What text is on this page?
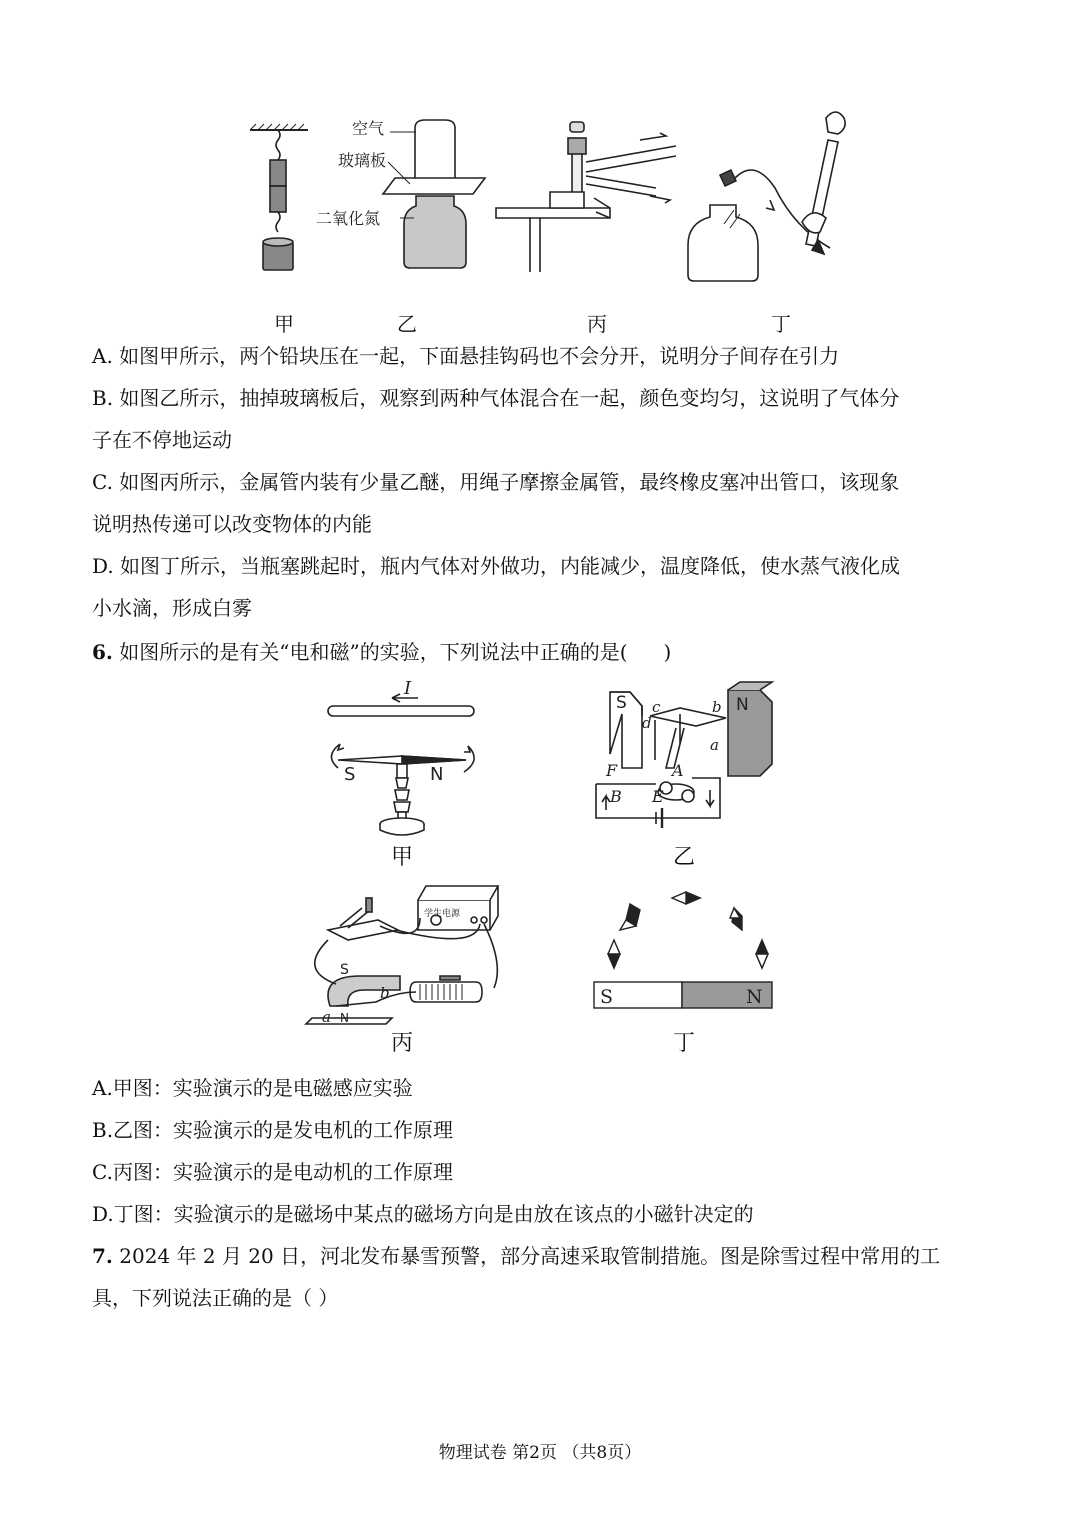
空气
玻璃板
二氧化氮
甲	乙	丙	丁
A. 如图甲所示，两个铅块压在一起，下面悬挂钩码也不会分开，说明分子间存在引力
B. 如图乙所示，抽掉玻璃板后，观察到两种气体混合在一起，颜色变均匀，这说明了气体分
子在不停地运动
C. 如图丙所示，金属管内装有少量乙醚，用绳子摩擦金属管，最终橡皮塞冲出管口，该现象
说明热传递可以改变物体的内能
D. 如图丁所示，当瓶塞跳起时，瓶内气体对外做功，内能减少，温度降低，使水蒸气液化成
小水滴，形成白雾
6. 如图所示的是有关“电和磁”的实验，下列说法中正确的是( )
I
S	N
S	N
c
d
b
a
F	A
B E
学生电源
S
b
a N
S	N
甲	乙
丙	丁
A.甲图：实验演示的是电磁感应实验
B.乙图：实验演示的是发电机的工作原理
C.丙图：实验演示的是电动机的工作原理
D.丁图：实验演示的是磁场中某点的磁场方向是由放在该点的小磁针决定的
7. 2024 年 2 月 20 日，河北发布暴雪预警，部分高速采取管制措施。图是除雪过程中常用的工
具，下列说法正确的是（ ）
物理试卷 第2页 （共8页）
